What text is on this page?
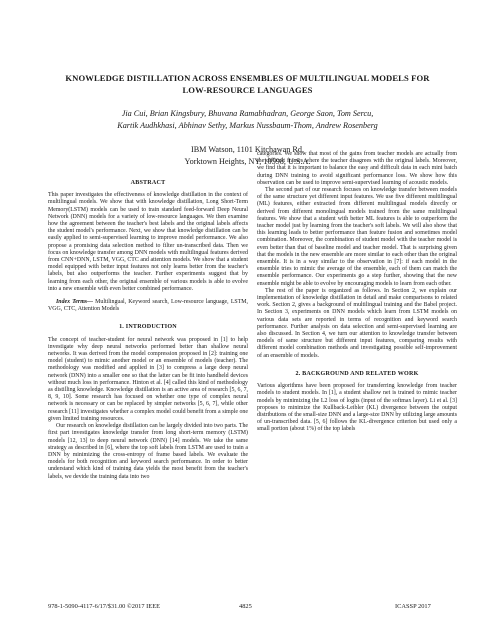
KNOWLEDGE DISTILLATION ACROSS ENSEMBLES OF MULTILINGUAL MODELS FOR
LOW-RESOURCE LANGUAGES
Jia Cui, Brian Kingsbury, Bhuvana Ramabhadran, George Saon, Tom Sercu,
Kartik Audhkhasi, Abhinav Sethy, Markus Nussbaum-Thom, Andrew Rosenberg
IBM Watson, 1101 Kitchawan Rd,
Yorktown Heights, NY, 10598, U.S.A.
ABSTRACT

This paper investigates the effectiveness of knowledge distillation in the context of multilingual models. We show that with knowledge distillation, Long Short-Term Memory(LSTM) models can be used to train standard feed-forward Deep Neural Network (DNN) models for a variety of low-resource languages. We then examine how the agreement between the teacher's best labels and the original labels affects the student model's performance. Next, we show that knowledge distillation can be easily applied to semi-supervised learning to improve model performance. We also propose a promising data selection method to filter un-transcribed data. Then we focus on knowledge transfer among DNN models with multilingual features derived from CNN+DNN, LSTM, VGG, CTC and attention models. We show that a student model equipped with better input features not only learns better from the teacher's labels, but also outperforms the teacher. Further experiments suggest that by learning from each other, the original ensemble of various models is able to evolve into a new ensemble with even better combined performance.

Index Terms— Multilingual, Keyword search, Low-resource language, LSTM, VGG, CTC, Attention Models

1. INTRODUCTION

The concept of teacher-student for neural network was proposed in [1] to help investigate why deep neural networks performed better than shallow neural networks. It was derived from the model compression proposed in [2]: training one model (student) to mimic another model or an ensemble of models (teacher). The methodology was modified and applied in [3] to compress a large deep neural network (DNN) into a smaller one so that the latter can be fit into handheld devices without much loss in performance. Hinton et al. [4] called this kind of methodology as distilling knowledge. Knowledge distillation is an active area of research [5, 6, 7, 8, 9, 10]. Some research has focused on whether one type of complex neural network is necessary or can be replaced by simpler networks [5, 6, 7], while other research [11] investigates whether a complex model could benefit from a simple one given limited training resources.

Our research on knowledge distillation can be largely divided into two parts. The first part investigates knowledge transfer from long short-term memory (LSTM) models [12, 13] to deep neural network (DNN) [14] models. We take the same strategy as described in [6], where the top soft labels from LSTM are used to train a DNN by minimizing the cross-entropy of frame based labels. We evaluate the models for both recognition and keyword search performance. In order to better understand which kind of training data yields the most benefit from the teacher's labels, we devide the training data into two

categories. We show that most of the gains from teacher models are actually from the difficult frames where the teacher disagrees with the original labels. Moreover, we find that it is important to balance the easy and difficult data in each mini batch during DNN training to avoid significant performance loss. We show how this observation can be used to improve semi-supervised learning of acoustic models.

The second part of our research focuses on knowledge transfer between models of the same structure yet different input features. We use five different multilingual (ML) features, either extracted from different multilingual models directly or derived from different monolingual models trained from the same multilingual features. We show that a student with better ML features is able to outperform the teacher model just by learning from the teacher's soft labels. We will also show that this learning leads to better performance than feature fusion and sometimes model combination. Moreover, the combination of student model with the teacher model is even better than that of baseline model and teacher model. That is surprising given that the models in the new ensemble are more similar to each other than the original ensemble. It is in a way similar to the observation in [7]: if each model in the ensemble tries to mimic the average of the ensemble, each of them can match the ensemble performance. Our experiments go a step further, showing that the new ensemble might be able to evolve by encouraging models to learn from each other.

The rest of the paper is organized as follows. In Section 2, we explain our implementation of knowledge distillation in detail and make comparisons to related work. Section 2, gives a background of multilingual training and the Babel project. In Section 3, experiments on DNN models which learn from LSTM models on various data sets are reported in terms of recognition and keyword search performance. Further analysis on data selection and semi-supervised learning are also discussed. In Section 4, we turn our attention to knowledge transfer between models of same structure but different input features, comparing results with different model combination methods and investigating possible self-improvement of an ensemble of models.

2. BACKGROUND AND RELATED WORK

Various algorithms have been proposed for transferring knowledge from teacher models to student models. In [1], a student shallow net is trained to mimic teacher models by minimizing the L2 loss of logits (input of the softmax layer). Li et al. [3] proposes to minimize the Kullback-Leibler (KL) divergence between the output distributions of the small-size DNN and a large-size DNN by utilizing large amounts of un-transcribed data. [5, 6] follows the KL-divergence criterion but used only a small portion (about 1%) of the top labels

978-1-5090-4117-6/17/$31.00 ©2017 IEEE	4825	ICASSP 2017
